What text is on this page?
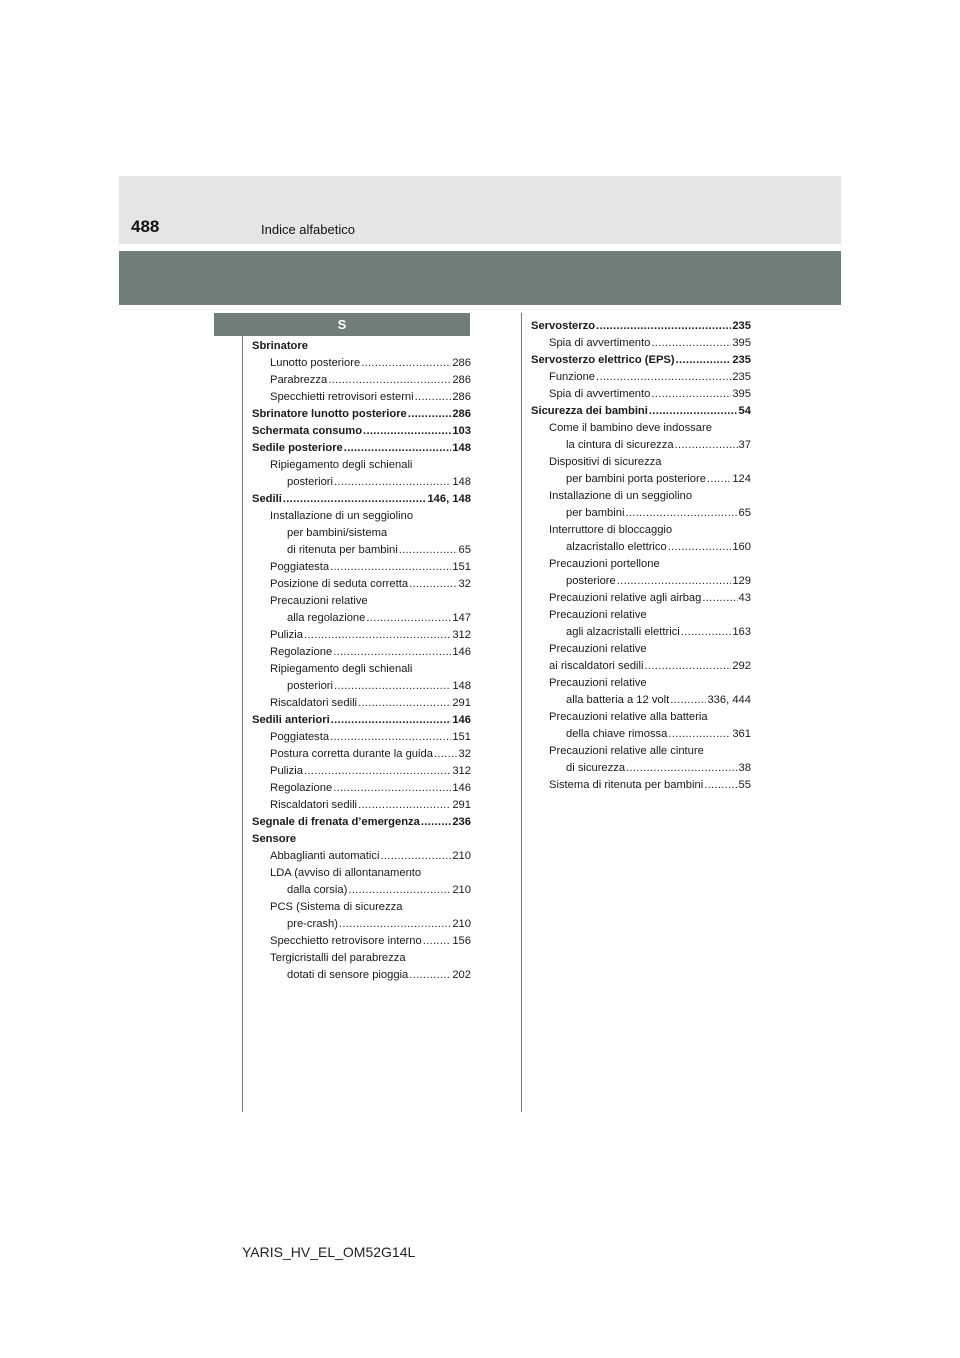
488	Indice alfabetico
S
Sbrinatore
Lunotto posteriore .....	286
Parabrezza .....	286
Specchietti retrovisori esterni .....	286
Sbrinatore lunotto posteriore .....	286
Schermata consumo .....	103
Sedile posteriore .....	148
Ripiegamento degli schienali
posteriori .....	148
Sedili .....	146, 148
Installazione di un seggiolino
per bambini/sistema
di ritenuta per bambini .....	65
Poggiatesta .....	151
Posizione di seduta corretta .....	32
Precauzioni relative
alla regolazione .....	147
Pulizia .....	312
Regolazione .....	146
Ripiegamento degli schienali
posteriori .....	148
Riscaldatori sedili .....	291
Sedili anteriori .....	146
Poggiatesta .....	151
Postura corretta durante la guida ..... 32
Pulizia .....	312
Regolazione .....	146
Riscaldatori sedili .....	291
Segnale di frenata d’emergenza .....	236
Sensore
Abbaglianti automatici .....	210
LDA (avviso di allontanamento
dalla corsia) .....	210
PCS (Sistema di sicurezza
pre-crash) .....	210
Specchietto retrovisore interno .....	156
Tergicristalli del parabrezza
dotati di sensore pioggia .....	202
Servosterzo .....	235
Spia di avvertimento .....	395
Servosterzo elettrico (EPS) .....	235
Funzione .....	235
Spia di avvertimento .....	395
Sicurezza dei bambini .....	54
Come il bambino deve indossare
la cintura di sicurezza .....	37
Dispositivi di sicurezza
per bambini porta posteriore ..... 124
Installazione di un seggiolino
per bambini .....	65
Interruttore di bloccaggio
alzacristallo elettrico .....	160
Precauzioni portellone
posteriore .....	129
Precauzioni relative agli airbag .....	43
Precauzioni relative
agli alzacristalli elettrici .....	163
Precauzioni relative
ai riscaldatori sedili .....	292
Precauzioni relative
alla batteria a 12 volt .....	336, 444
Precauzioni relative alla batteria
della chiave rimossa .....	361
Precauzioni relative alle cinture
di sicurezza .....	38
Sistema di ritenuta per bambini .....	55
YARIS_HV_EL_OM52G14L
